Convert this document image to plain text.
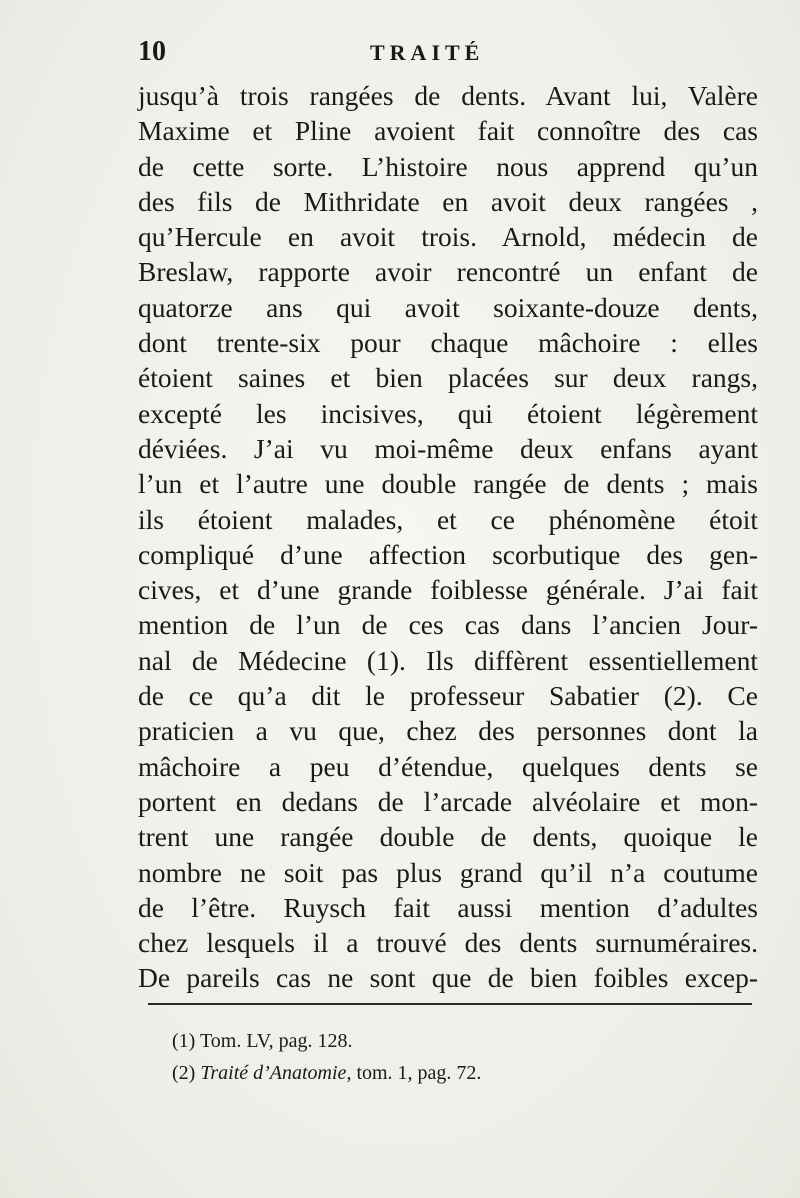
10	TRAITÉ
jusqu’à trois rangées de dents. Avant lui, Valère
Maxime et Pline avoient fait connoître des cas
de cette sorte. L’histoire nous apprend qu’un
des fils de Mithridate en avoit deux rangées ,
qu’Hercule en avoit trois. Arnold, médecin de
Breslaw, rapporte avoir rencontré un enfant de
quatorze ans qui avoit soixante-douze dents,
dont trente-six pour chaque mâchoire : elles
étoient saines et bien placées sur deux rangs,
excepté les incisives, qui étoient légèrement
déviées. J’ai vu moi-même deux enfans ayant
l’un et l’autre une double rangée de dents ; mais
ils étoient malades, et ce phénomène étoit
compliqué d’une affection scorbutique des gen-
cives, et d’une grande foiblesse générale. J’ai fait
mention de l’un de ces cas dans l’ancien Jour-
nal de Médecine (1). Ils diffèrent essentiellement
de ce qu’a dit le professeur Sabatier (2). Ce
praticien a vu que, chez des personnes dont la
mâchoire a peu d’étendue, quelques dents se
portent en dedans de l’arcade alvéolaire et mon-
trent une rangée double de dents, quoique le
nombre ne soit pas plus grand qu’il n’a coutume
de l’être. Ruysch fait aussi mention d’adultes
chez lesquels il a trouvé des dents surnuméraires.
De pareils cas ne sont que de bien foibles excep-
(1) Tom. LV, pag. 128.
(2) Traité d’Anatomie, tom. 1, pag. 72.
